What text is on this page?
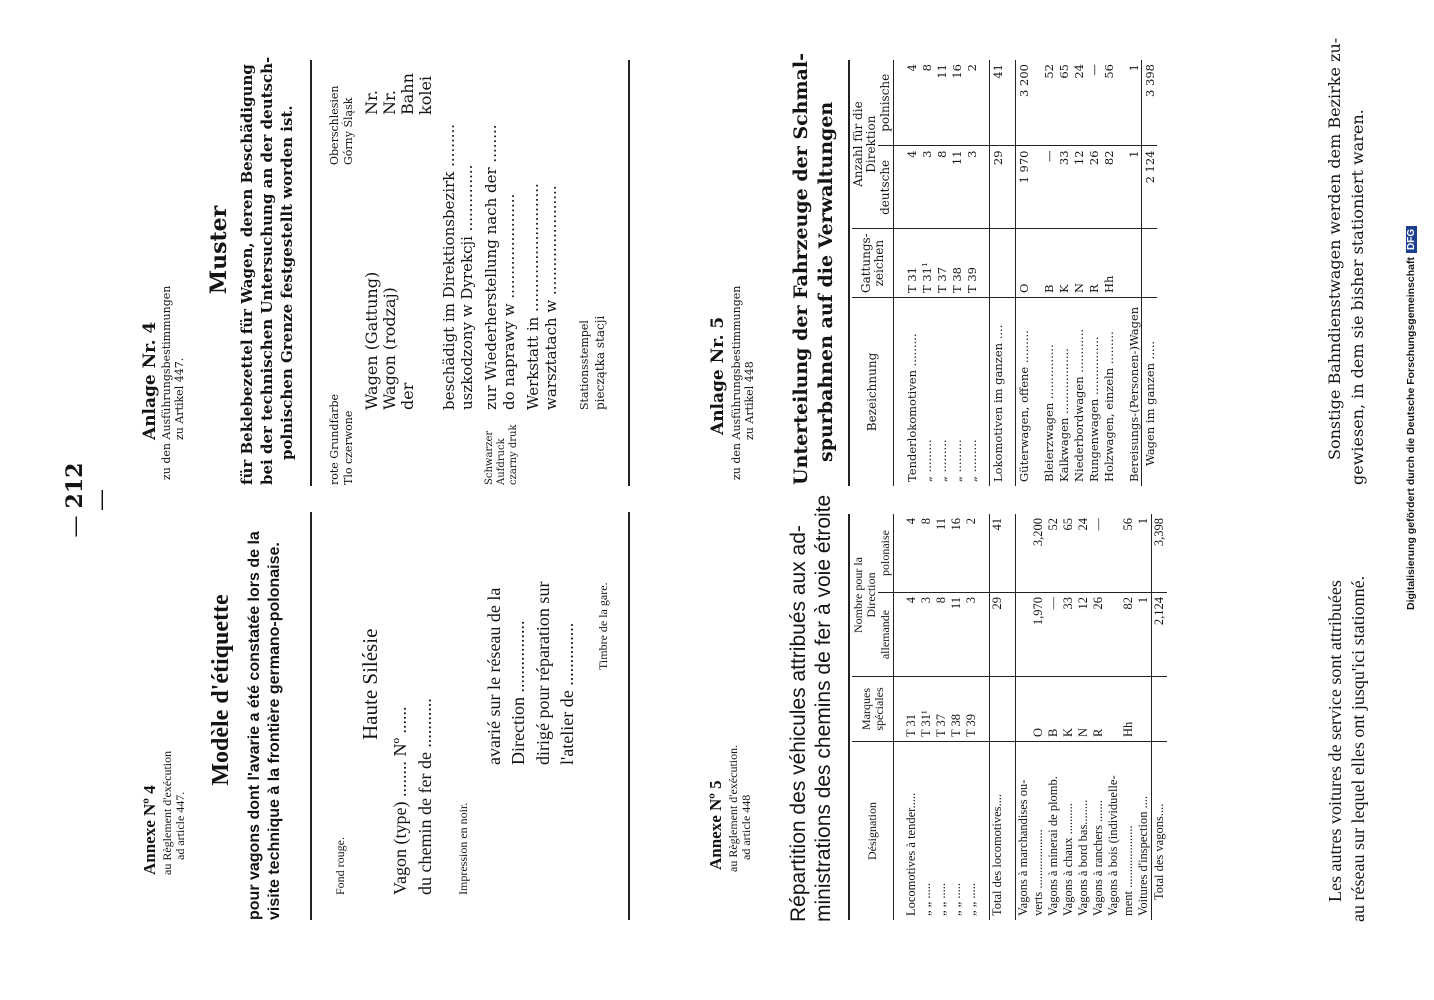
— 212 —
Annexe Nº 4 au Règlement d'exécution ad article 447.
Modèle d'étiquette pour vagons dont l'avarie a été constatée lors de la visite technique à la frontière germano-polonaise.	Fond rouge.
Haute Silésie
Vagon (type) ........ Nº ...... du chemin de fer de ........... Impression en noir.
avarié sur le réseau de la Direction ................ dirigé pour réparation sur l'atelier de .............. Timbre de la gare.
Annexe Nº 5 au Règlement d'exécution. ad article 448 Répartition des véhicules attribués aux ad- ministrations des chemins de fer à voie étroite	Désignation	Marques
spéciales	Nombre pour la
Direction	
		allemande	polonaise

Locomotives à tender.....	T 31	4	4
„ „ .....	T 31¹	3	8
„ „ .....	T 37	8	11
„ „ .....	T 38	11	16
„ „ .....	T 39	3	2

Total des locomotives....		29	41

Vagons à marchandises ou-			
verts ...................	O	1,970	3,200
Vagons à minerai de plomb.	B	—	52
Vagons à chaux ..........	K	33	65
Vagons à bord bas........	N	12	24
Vagons à ranchers .......	R	26	—
Vagons à bois (individuelle-			
ment ....................	Hh	82	56
Voitures d'inspection ....		1	1
Total des vagons....		2,124	3,398
Les autres voitures de service sont attribuées au réseau sur lequel elles ont jusqu'ici stationné.
Anlage Nr. 4 zu den Ausführungsbestimmungen zu Artikel 447.
Muster für Beklebezettel für Wagen, deren Beschädigung bei der technischen Untersuchung an der deutsch- polnischen Grenze festgestellt worden ist.	rote Grundfarbe Tlo czerwone
Oberschlesien Górny Śląsk
Wagen (Gattung) Wagon (rodzaj) der
Nr. Nr. Bahn kolei
Schwarzer
Aufdruck
czarny druk
beschädigt im Direktionsbezirk ......... uszkodzony w Dyrekcji .............. zur Wiederherstellung nach der ........ do naprawy w ...................... Werkstatt in ........................... warsztatach w ....................... Stationsstempel pieczątka stacji	Anlage Nr. 5 zu den Ausführungsbestimmungen zu Artikel 448 Unterteilung der Fahrzeuge der Schmal- spurbahnen auf die Verwaltungen Bezeichnung	Gattungs-
zeichen	Anzahl für die
Direktion	
		deutsche	polnische

Tenderlokomotiven .........	T 31	4	4
„ .........	T 31¹	3	8
„ .........	T 37	8	11
„ .........	T 38	11	16
„ .........	T 39	3	2

Lokomotiven im ganzen ....		29	41

Güterwagen, offene .........	O	1 970	3 200

Bleierzwagen ...............	B	—	52
Kalkwagen ..................	K	33	65
Niederbordwagen ............	N	12	24
Rungenwagen ................	R	26	—
Holzwagen, einzeln .........	Hh	82	56

Bereisungs-(Personen-)Wagen		1	1
Wagen im ganzen .....		2 124	3 398	Sonstige Bahndienstwagen werden dem Bezirke zu- gewiesen, in dem sie bisher stationiert waren.	Digitalisierung gefördert durch die Deutsche ForschungsgemeinschaftDFG
